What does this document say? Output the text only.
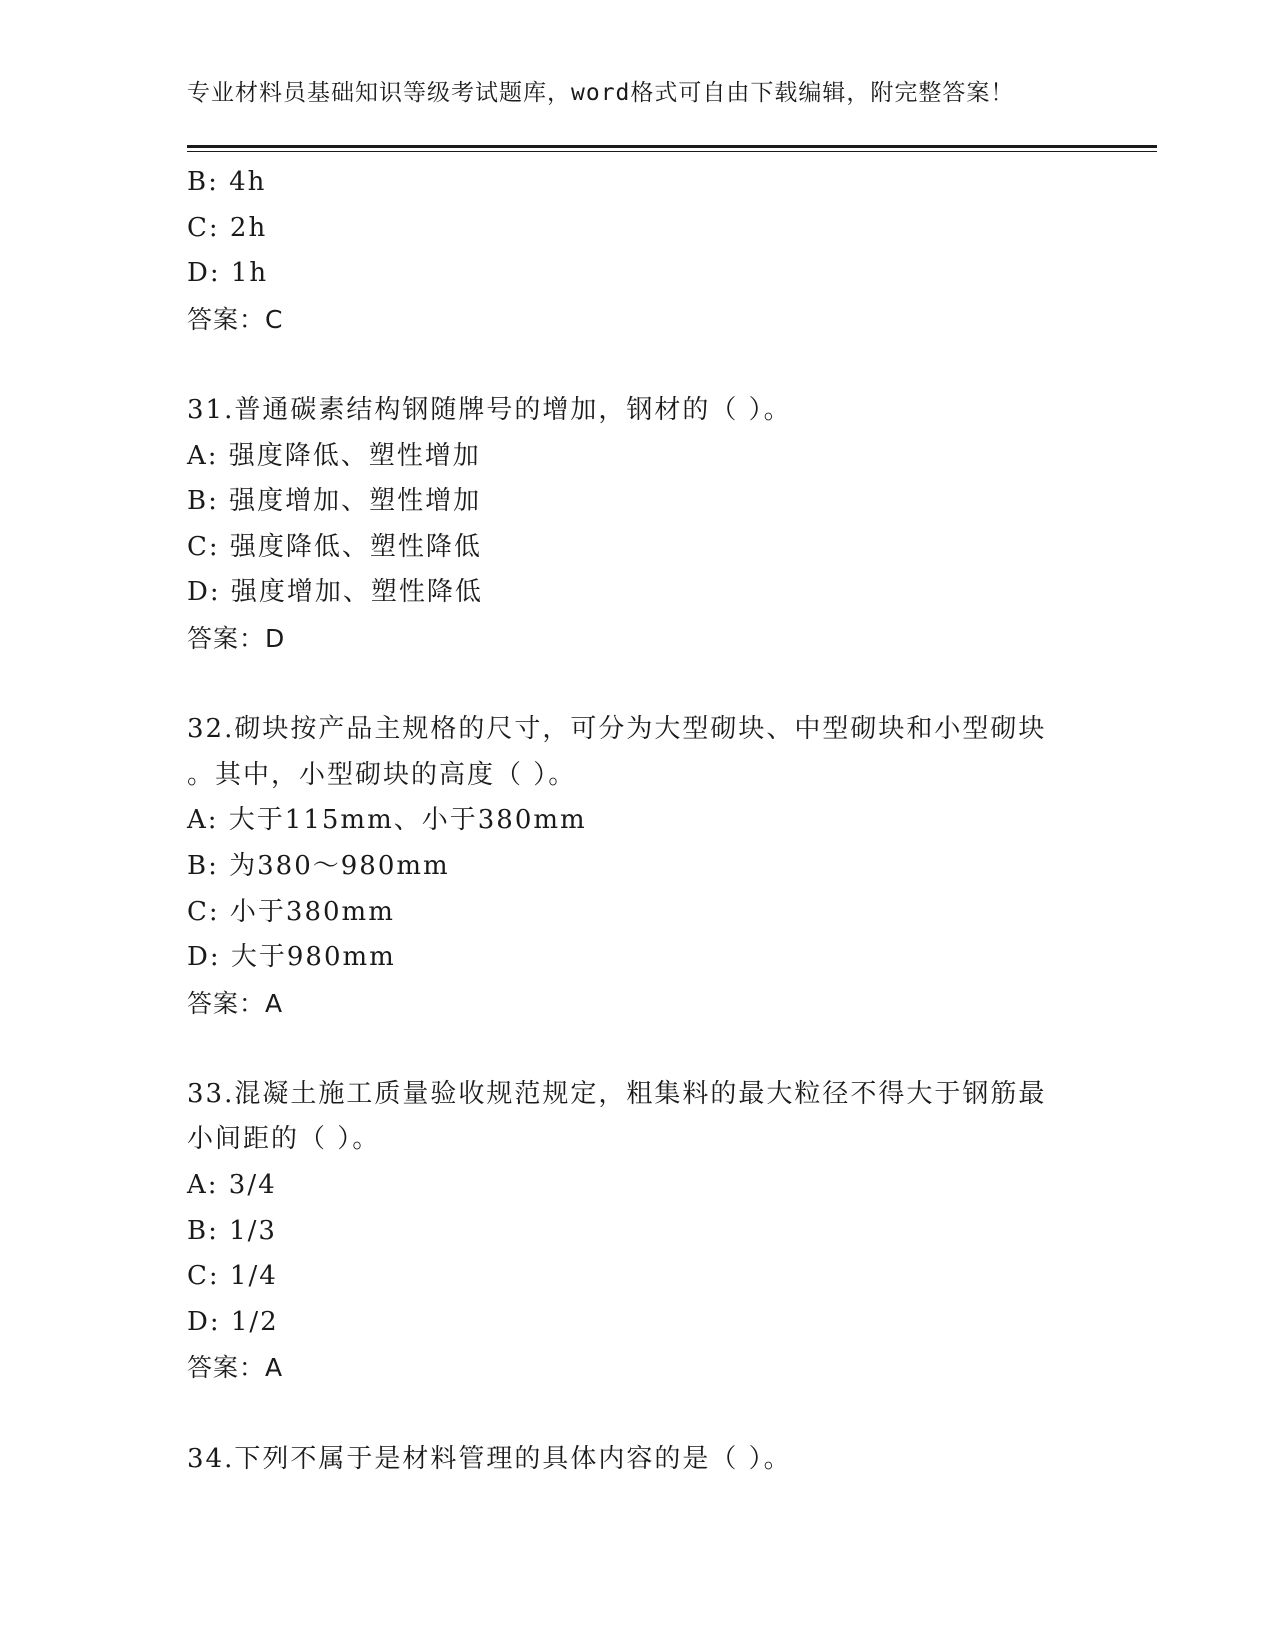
专业材料员基础知识等级考试题库，word格式可自由下载编辑，附完整答案！
B: 4h
C: 2h
D: 1h
答案：C
31.普通碳素结构钢随牌号的增加，钢材的（ ）。
A: 强度降低、塑性增加
B: 强度增加、塑性增加
C: 强度降低、塑性降低
D: 强度增加、塑性降低
答案：D
32.砌块按产品主规格的尺寸，可分为大型砌块、中型砌块和小型砌块
。其中，小型砌块的高度（ ）。
A: 大于115mm、小于380mm
B: 为380～980mm
C: 小于380mm
D: 大于980mm
答案：A
33.混凝土施工质量验收规范规定，粗集料的最大粒径不得大于钢筋最
小间距的（ ）。
A: 3/4
B: 1/3
C: 1/4
D: 1/2
答案：A
34.下列不属于是材料管理的具体内容的是（ ）。
